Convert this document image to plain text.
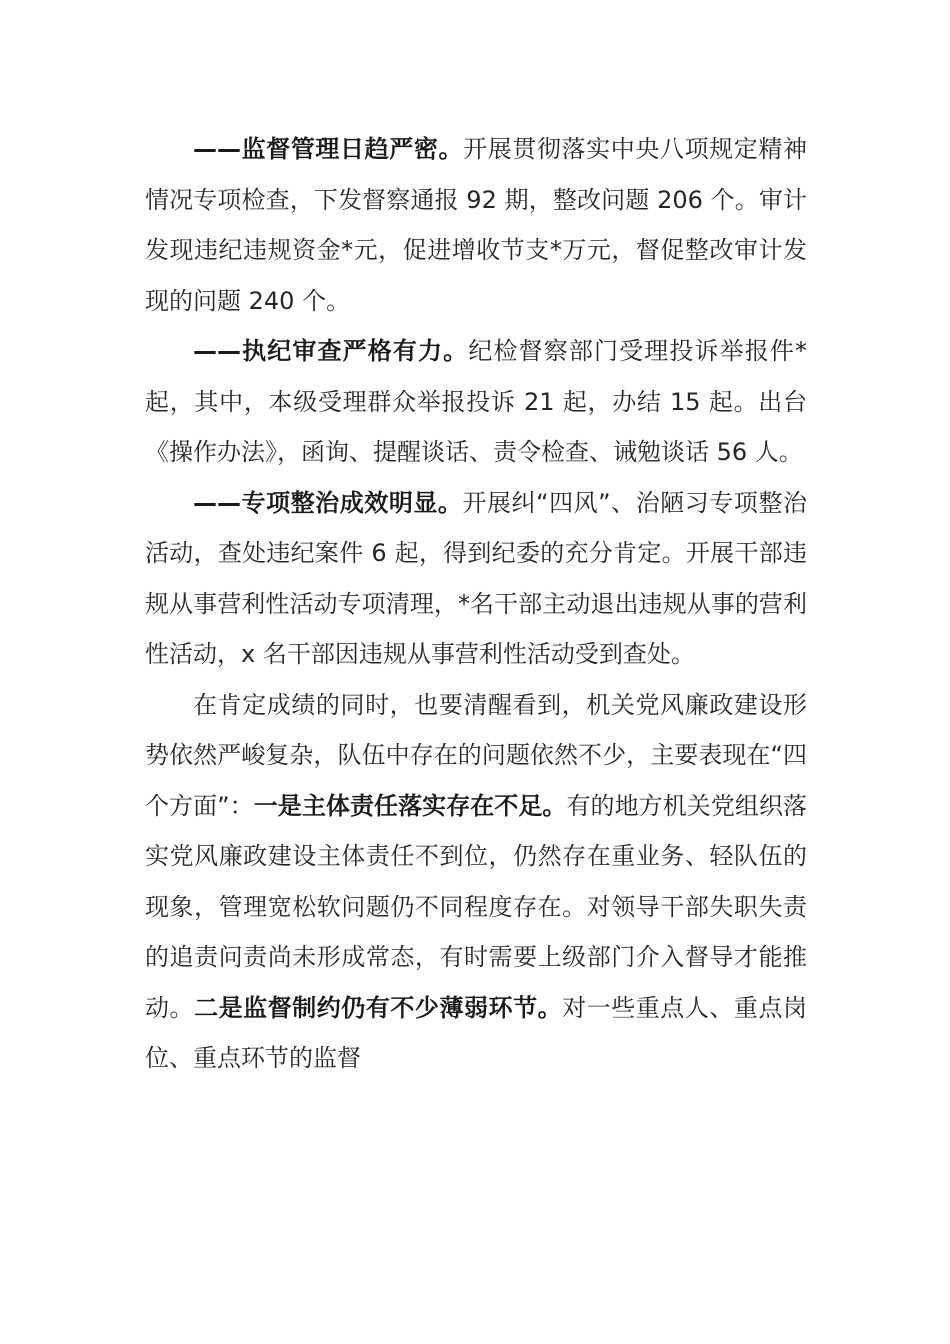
——监督管理日趋严密。开展贯彻落实中央八项规定精神情况专项检查，下发督察通报 92 期，整改问题 206 个。审计发现违纪违规资金*元，促进增收节支*万元，督促整改审计发现的问题 240 个。

——执纪审查严格有力。纪检督察部门受理投诉举报件*起，其中，本级受理群众举报投诉 21 起，办结 15 起。出台《操作办法》，函询、提醒谈话、责令检查、诫勉谈话 56 人。

——专项整治成效明显。开展纠“四风”、治陋习专项整治活动，查处违纪案件 6 起，得到纪委的充分肯定。开展干部违规从事营利性活动专项清理，*名干部主动退出违规从事的营利性活动，x 名干部因违规从事营利性活动受到查处。

在肯定成绩的同时，也要清醒看到，机关党风廉政建设形势依然严峻复杂，队伍中存在的问题依然不少，主要表现在“四个方面”：一是主体责任落实存在不足。有的地方机关党组织落实党风廉政建设主体责任不到位，仍然存在重业务、轻队伍的现象，管理宽松软问题仍不同程度存在。对领导干部失职失责的追责问责尚未形成常态，有时需要上级部门介入督导才能推动。二是监督制约仍有不少薄弱环节。对一些重点人、重点岗位、重点环节的监督
